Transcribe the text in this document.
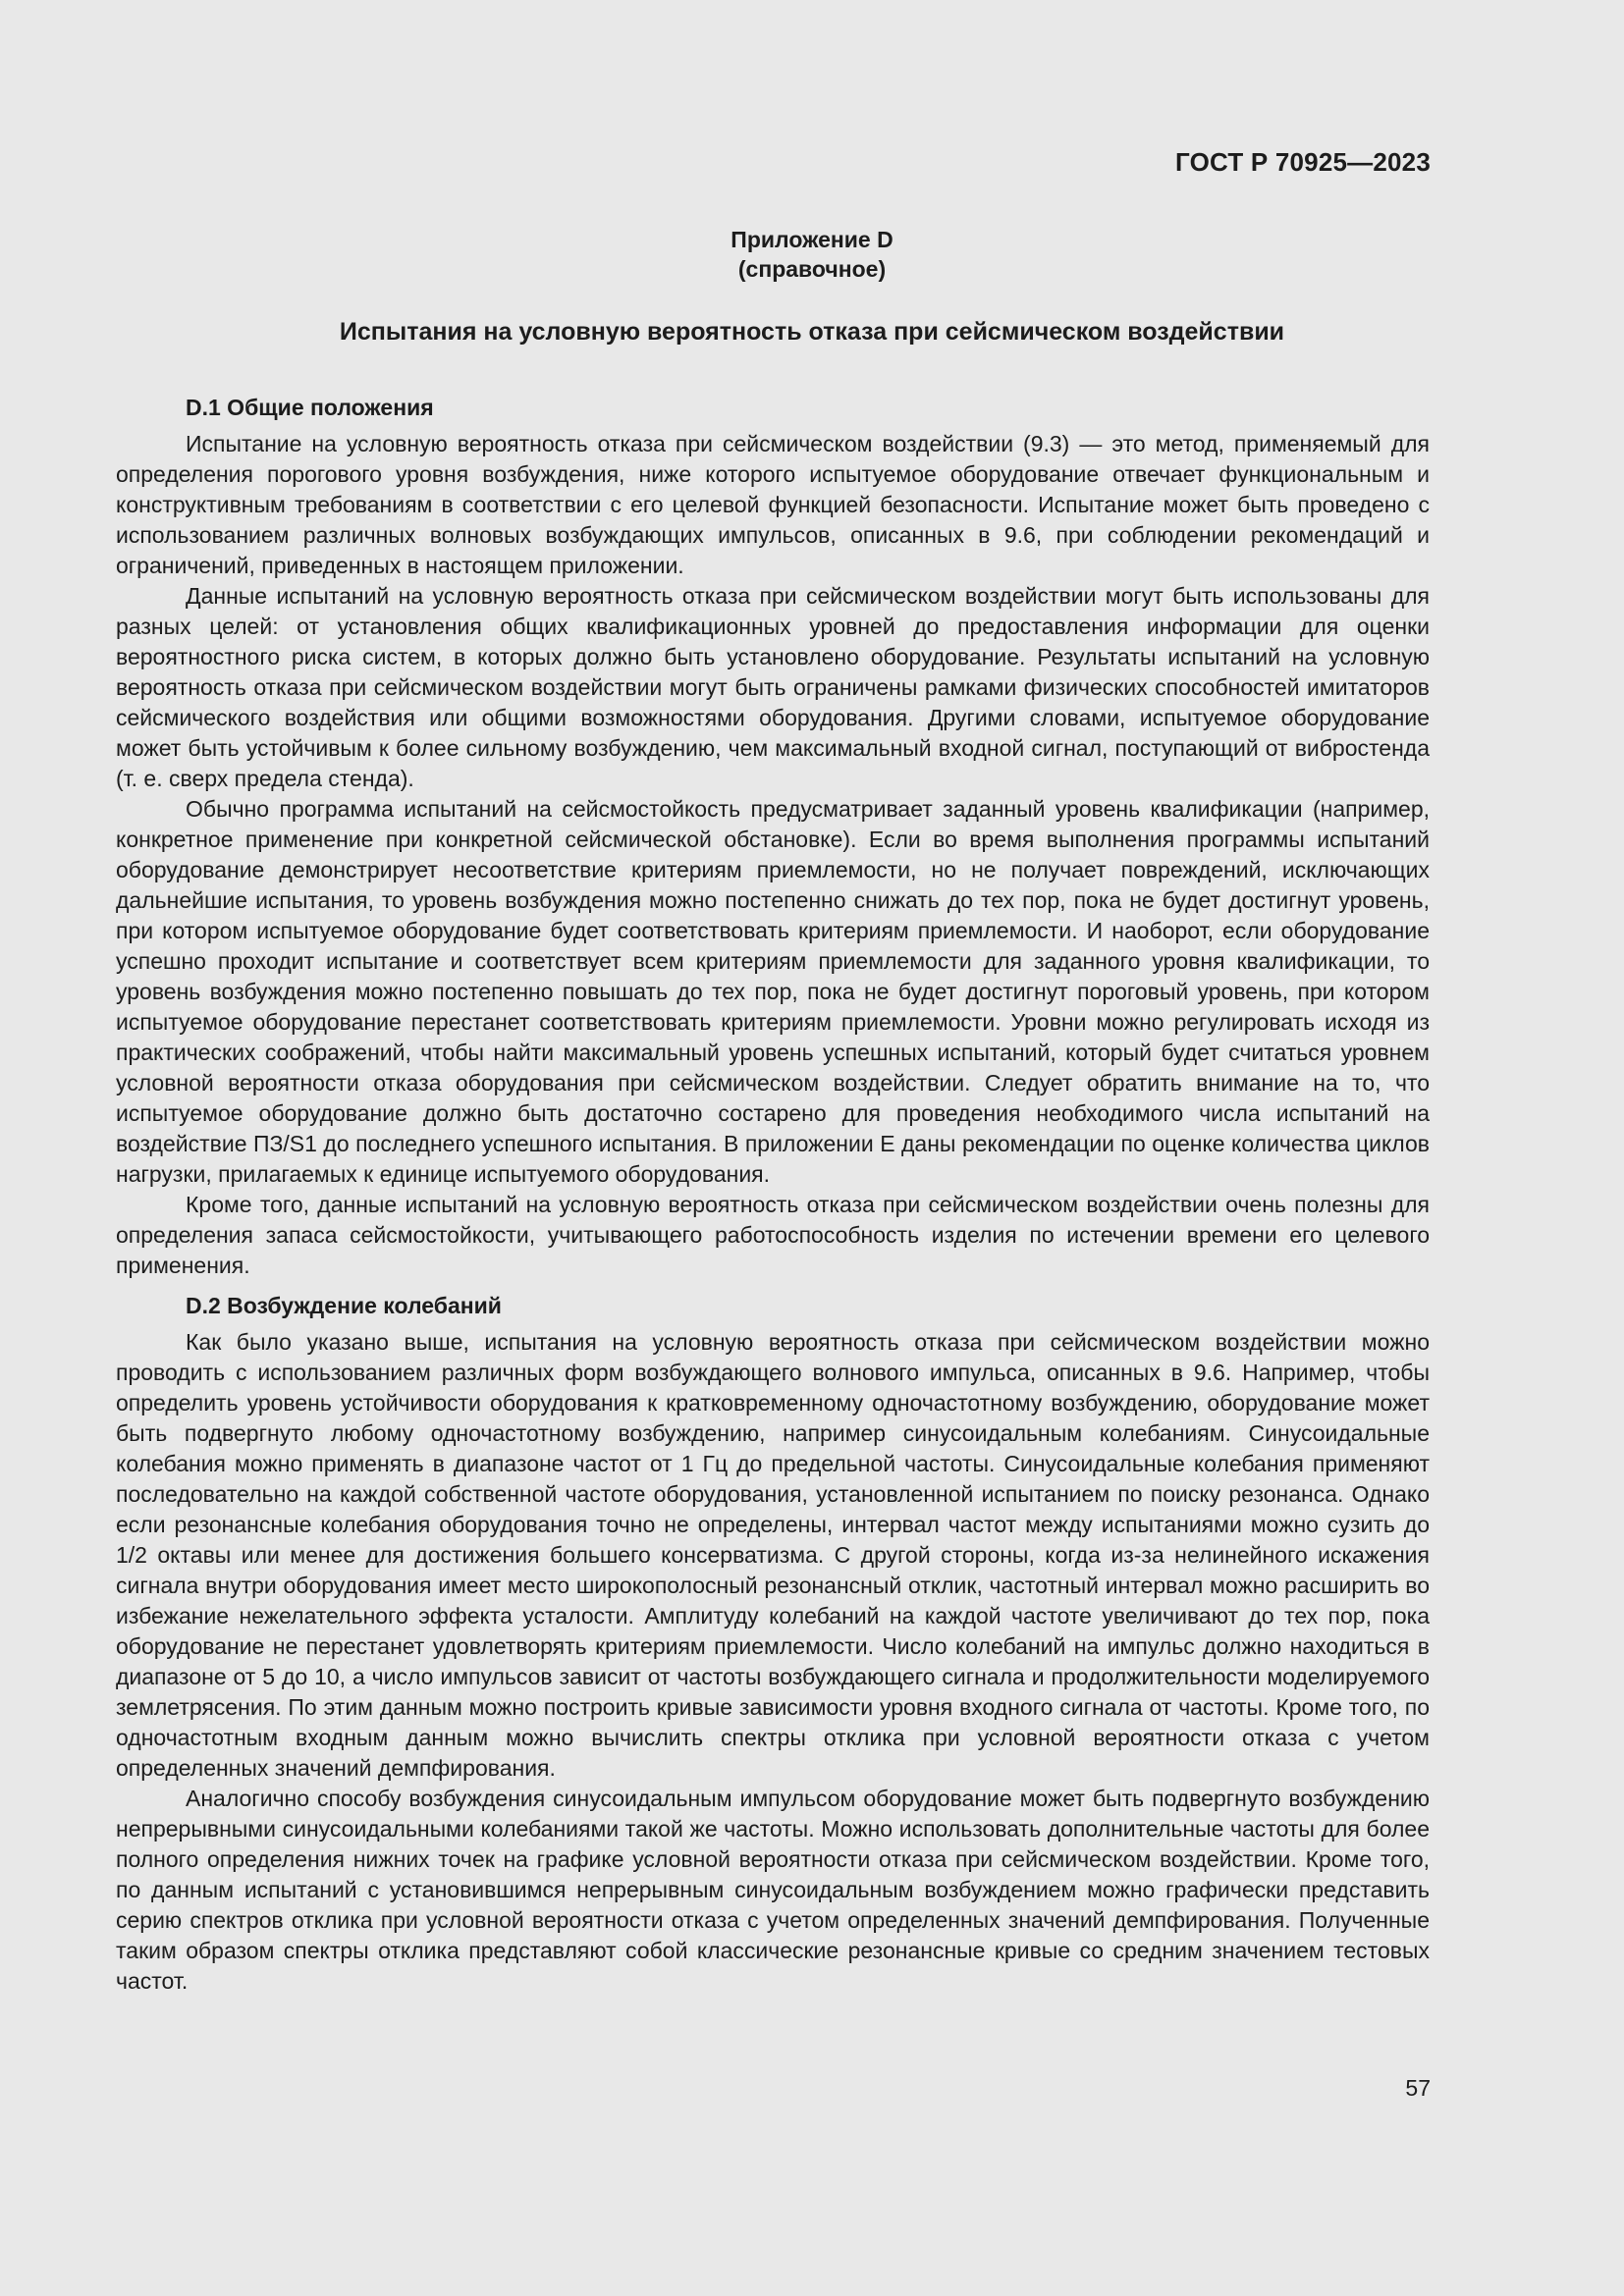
ГОСТ Р 70925—2023
Приложение D
(справочное)
Испытания на условную вероятность отказа при сейсмическом воздействии
D.1 Общие положения

Испытание на условную вероятность отказа при сейсмическом воздействии (9.3) — это метод, применяемый для определения порогового уровня возбуждения, ниже которого испытуемое оборудование отвечает функциональным и конструктивным требованиям в соответствии с его целевой функцией безопасности. Испытание может быть проведено с использованием различных волновых возбуждающих импульсов, описанных в 9.6, при соблюдении рекомендаций и ограничений, приведенных в настоящем приложении.

Данные испытаний на условную вероятность отказа при сейсмическом воздействии могут быть использованы для разных целей: от установления общих квалификационных уровней до предоставления информации для оценки вероятностного риска систем, в которых должно быть установлено оборудование. Результаты испытаний на условную вероятность отказа при сейсмическом воздействии могут быть ограничены рамками физических способностей имитаторов сейсмического воздействия или общими возможностями оборудования. Другими словами, испытуемое оборудование может быть устойчивым к более сильному возбуждению, чем максимальный входной сигнал, поступающий от вибростенда (т. е. сверх предела стенда).

Обычно программа испытаний на сейсмостойкость предусматривает заданный уровень квалификации (например, конкретное применение при конкретной сейсмической обстановке). Если во время выполнения программы испытаний оборудование демонстрирует несоответствие критериям приемлемости, но не получает повреждений, исключающих дальнейшие испытания, то уровень возбуждения можно постепенно снижать до тех пор, пока не будет достигнут уровень, при котором испытуемое оборудование будет соответствовать критериям приемлемости. И наоборот, если оборудование успешно проходит испытание и соответствует всем критериям приемлемости для заданного уровня квалификации, то уровень возбуждения можно постепенно повышать до тех пор, пока не будет достигнут пороговый уровень, при котором испытуемое оборудование перестанет соответствовать критериям приемлемости. Уровни можно регулировать исходя из практических соображений, чтобы найти максимальный уровень успешных испытаний, который будет считаться уровнем условной вероятности отказа оборудования при сейсмическом воздействии. Следует обратить внимание на то, что испытуемое оборудование должно быть достаточно состарено для проведения необходимого числа испытаний на воздействие ПЗ/S1 до последнего успешного испытания. В приложении Е даны рекомендации по оценке количества циклов нагрузки, прилагаемых к единице испытуемого оборудования.

Кроме того, данные испытаний на условную вероятность отказа при сейсмическом воздействии очень полезны для определения запаса сейсмостойкости, учитывающего работоспособность изделия по истечении времени его целевого применения.

D.2 Возбуждение колебаний

Как было указано выше, испытания на условную вероятность отказа при сейсмическом воздействии можно проводить с использованием различных форм возбуждающего волнового импульса, описанных в 9.6. Например, чтобы определить уровень устойчивости оборудования к кратковременному одночастотному возбуждению, оборудование может быть подвергнуто любому одночастотному возбуждению, например синусоидальным колебаниям. Синусоидальные колебания можно применять в диапазоне частот от 1 Гц до предельной частоты. Синусоидальные колебания применяют последовательно на каждой собственной частоте оборудования, установленной испытанием по поиску резонанса. Однако если резонансные колебания оборудования точно не определены, интервал частот между испытаниями можно сузить до 1/2 октавы или менее для достижения большего консерватизма. С другой стороны, когда из-за нелинейного искажения сигнала внутри оборудования имеет место широкополосный резонансный отклик, частотный интервал можно расширить во избежание нежелательного эффекта усталости. Амплитуду колебаний на каждой частоте увеличивают до тех пор, пока оборудование не перестанет удовлетворять критериям приемлемости. Число колебаний на импульс должно находиться в диапазоне от 5 до 10, а число импульсов зависит от частоты возбуждающего сигнала и продолжительности моделируемого землетрясения. По этим данным можно построить кривые зависимости уровня входного сигнала от частоты. Кроме того, по одночастотным входным данным можно вычислить спектры отклика при условной вероятности отказа с учетом определенных значений демпфирования.

Аналогично способу возбуждения синусоидальным импульсом оборудование может быть подвергнуто возбуждению непрерывными синусоидальными колебаниями такой же частоты. Можно использовать дополнительные частоты для более полного определения нижних точек на графике условной вероятности отказа при сейсмическом воздействии. Кроме того, по данным испытаний с установившимся непрерывным синусоидальным возбуждением можно графически представить серию спектров отклика при условной вероятности отказа с учетом определенных значений демпфирования. Полученные таким образом спектры отклика представляют собой классические резонансные кривые со средним значением тестовых частот.

57
